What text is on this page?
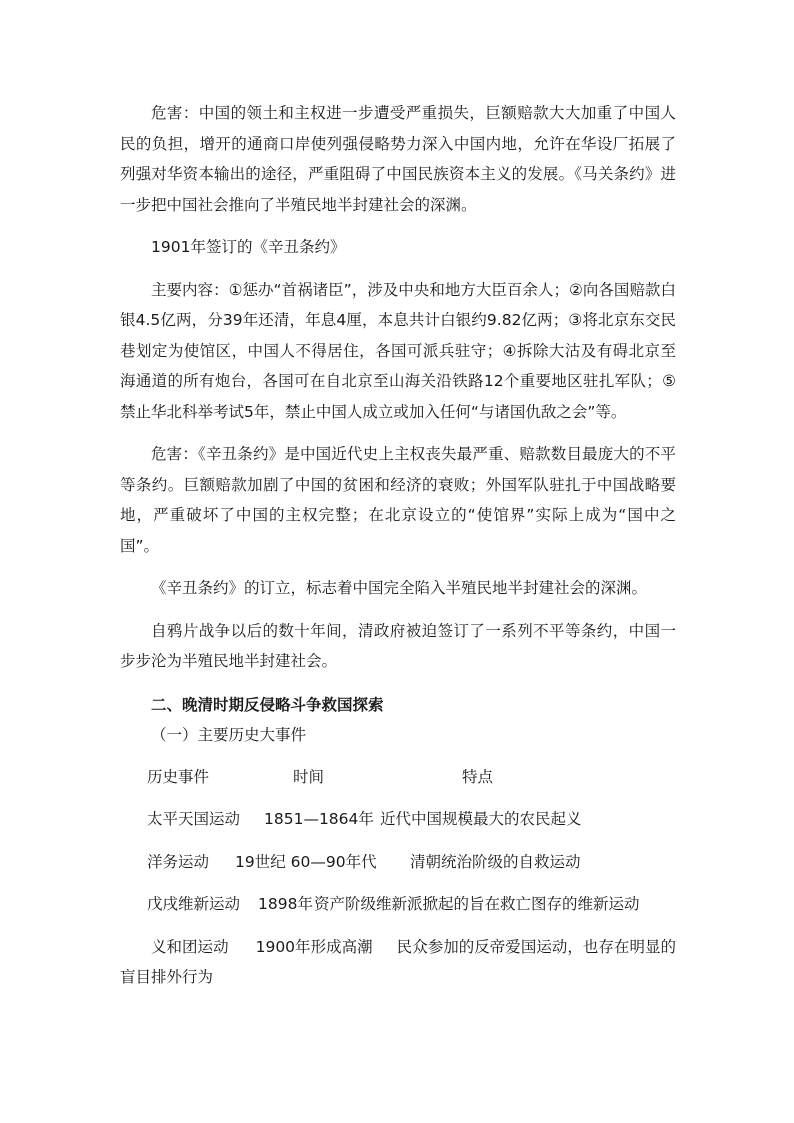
危害：中国的领土和主权进一步遭受严重损失，巨额赔款大大加重了中国人民的负担，增开的通商口岸使列强侵略势力深入中国内地，允许在华设厂拓展了列强对华资本输出的途径，严重阻碍了中国民族资本主义的发展。《马关条约》进一步把中国社会推向了半殖民地半封建社会的深渊。

1901年签订的《辛丑条约》

主要内容：①惩办“首祸诸臣”，涉及中央和地方大臣百余人；②向各国赔款白银4.5亿两，分39年还清，年息4厘，本息共计白银约9.82亿两；③将北京东交民巷划定为使馆区，中国人不得居住，各国可派兵驻守；④拆除大沽及有碍北京至海通道的所有炮台，各国可在自北京至山海关沿铁路12个重要地区驻扎军队；⑤禁止华北科举考试5年，禁止中国人成立或加入任何“与诸国仇敌之会”等。

危害：《辛丑条约》是中国近代史上主权丧失最严重、赔款数目最庞大的不平等条约。巨额赔款加剧了中国的贫困和经济的衰败；外国军队驻扎于中国战略要地，严重破坏了中国的主权完整；在北京设立的“使馆界”实际上成为“国中之国”。

《辛丑条约》的订立，标志着中国完全陷入半殖民地半封建社会的深渊。

自鸦片战争以后的数十年间，清政府被迫签订了一系列不平等条约，中国一步步沦为半殖民地半封建社会。

二、晚清时期反侵略斗争救国探索

（一）主要历史大事件

历史事件	时间	特点
太平天国运动 1851—1864年 近代中国规模最大的农民起义
洋务运动 19世纪 60—90年代 清朝统治阶级的自救运动
戊戌维新运动 1898年资产阶级维新派掀起的旨在救亡图存的维新运动

义和团运动 1900年形成高潮 民众参加的反帝爱国运动，也存在明显的盲目排外行为
